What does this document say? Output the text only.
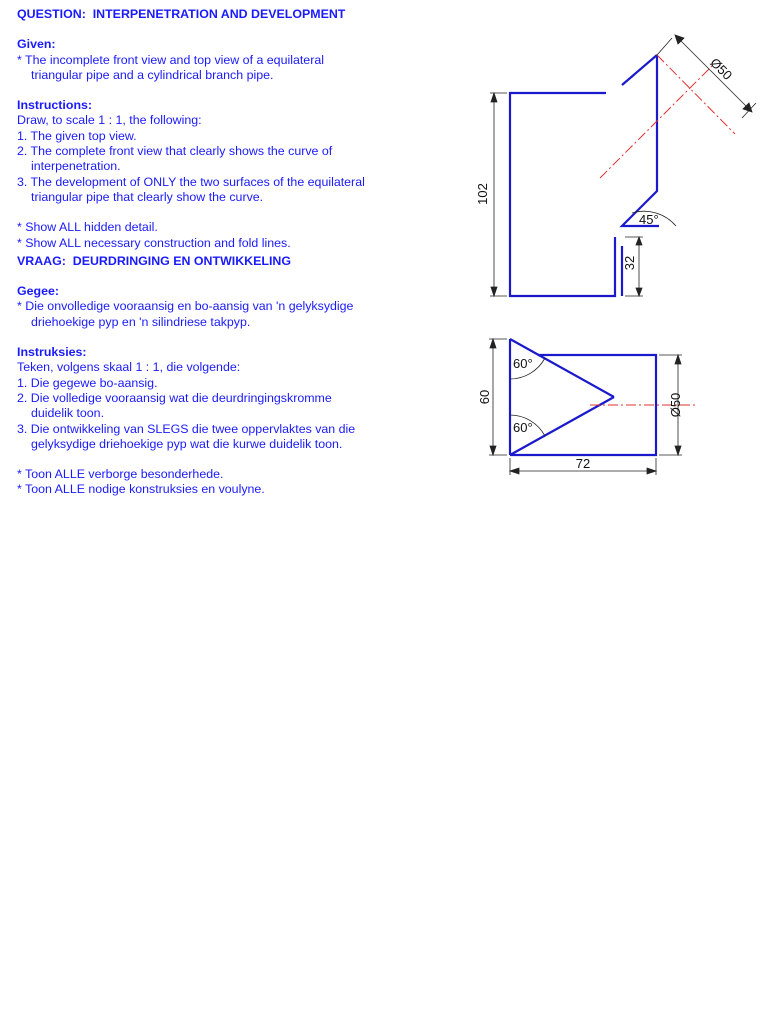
QUESTION:  INTERPENETRATION AND DEVELOPMENT
Given:
* The incomplete front view and top view of a equilateral
triangular pipe and a cylindrical branch pipe.
Instructions:
Draw, to scale 1 : 1, the following:
1. The given top view.
2. The complete front view that clearly shows the curve of
interpenetration.
3. The development of ONLY the two surfaces of the equilateral
triangular pipe that clearly show the curve.
* Show ALL hidden detail.
* Show ALL necessary construction and fold lines.
VRAAG:  DEURDRINGING EN ONTWIKKELING
Gegee:
* Die onvolledige vooraansig en bo-aansig van 'n gelyksydige
driehoekige pyp en 'n silindriese takpyp.
Instruksies:
Teken, volgens skaal 1 : 1, die volgende:
1. Die gegewe bo-aansig.
2. Die volledige vooraansig wat die deurdringingskromme
duidelik toon.
3. Die ontwikkeling van SLEGS die twee oppervlaktes van die
gelyksydige driehoekige pyp wat die kurwe duidelik toon.
* Toon ALLE verborge besonderhede.
* Toon ALLE nodige konstruksies en voulyne.
102
32
Ø50
45°
60	Ø50
72
60°
60°
